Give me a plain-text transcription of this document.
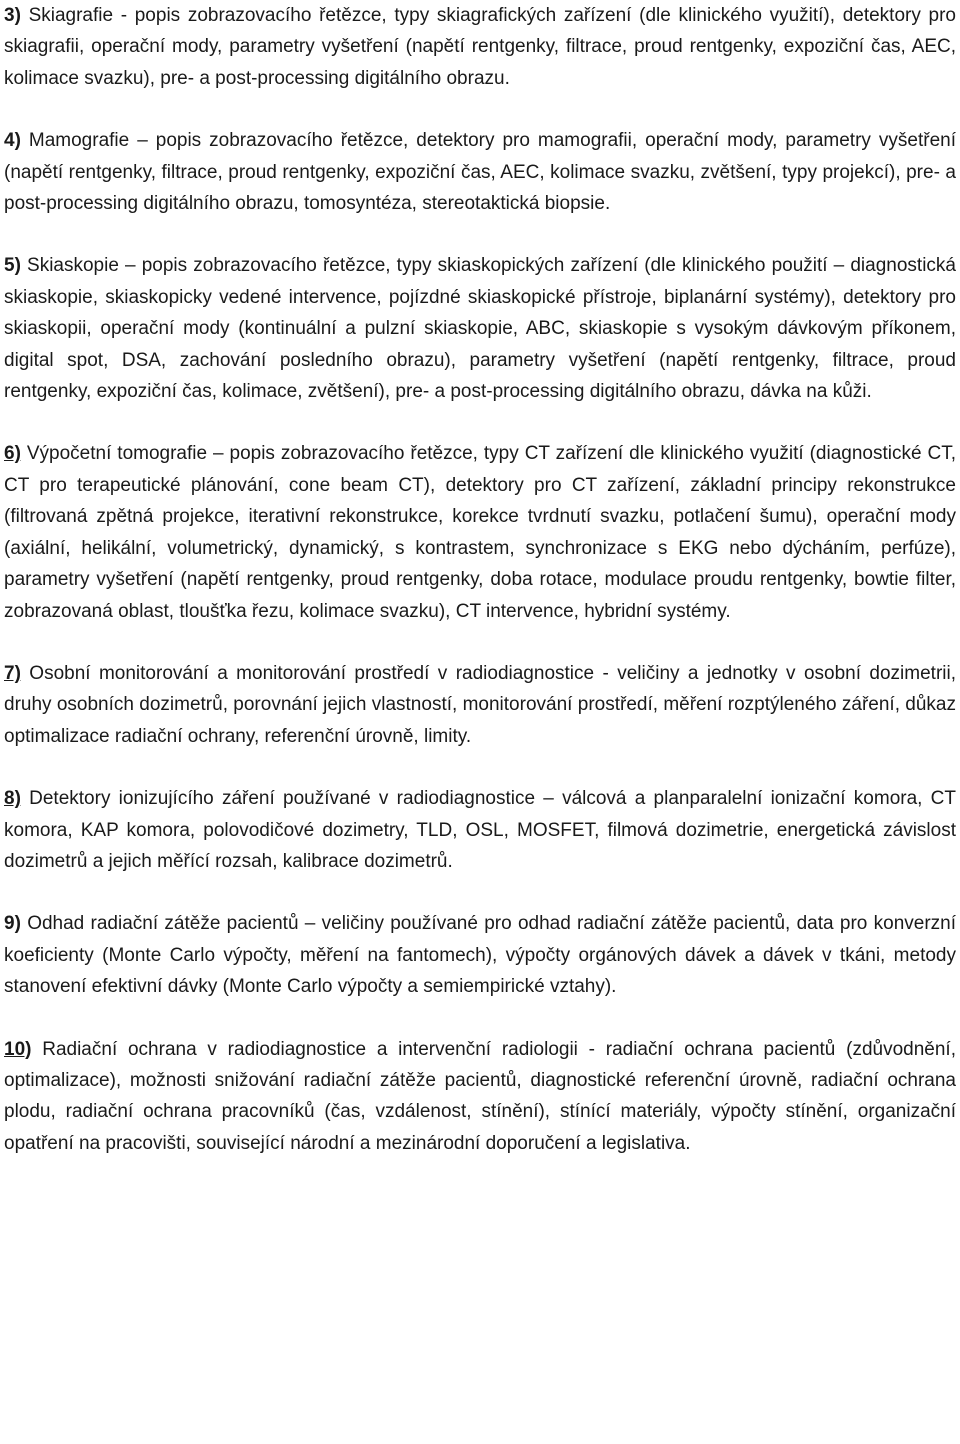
3) Skiagrafie - popis zobrazovacího řetězce, typy skiagrafických zařízení (dle klinického využití), detektory pro skiagrafii, operační mody, parametry vyšetření (napětí rentgenky, filtrace, proud rentgenky, expoziční čas, AEC, kolimace svazku), pre- a post-processing digitálního obrazu.

4) Mamografie – popis zobrazovacího řetězce, detektory pro mamografii, operační mody, parametry vyšetření (napětí rentgenky, filtrace, proud rentgenky, expoziční čas, AEC, kolimace svazku, zvětšení, typy projekcí), pre- a post-processing digitálního obrazu, tomosyntéza, stereotaktická biopsie.

5) Skiaskopie – popis zobrazovacího řetězce, typy skiaskopických zařízení (dle klinického použití – diagnostická skiaskopie, skiaskopicky vedené intervence, pojízdné skiaskopické přístroje, biplanární systémy), detektory pro skiaskopii, operační mody (kontinuální a pulzní skiaskopie, ABC, skiaskopie s vysokým dávkovým příkonem, digital spot, DSA, zachování posledního obrazu), parametry vyšetření (napětí rentgenky, filtrace, proud rentgenky, expoziční čas, kolimace, zvětšení), pre- a post-processing digitálního obrazu, dávka na kůži.

6) Výpočetní tomografie – popis zobrazovacího řetězce, typy CT zařízení dle klinického využití (diagnostické CT, CT pro terapeutické plánování, cone beam CT), detektory pro CT zařízení, základní principy rekonstrukce (filtrovaná zpětná projekce, iterativní rekonstrukce, korekce tvrdnutí svazku, potlačení šumu), operační mody (axiální, helikální, volumetrický, dynamický, s kontrastem, synchronizace s EKG nebo dýcháním, perfúze), parametry vyšetření (napětí rentgenky, proud rentgenky, doba rotace, modulace proudu rentgenky, bowtie filter, zobrazovaná oblast, tloušťka řezu, kolimace svazku), CT intervence, hybridní systémy.

7) Osobní monitorování a monitorování prostředí v radiodiagnostice - veličiny a jednotky v osobní dozimetrii, druhy osobních dozimetrů, porovnání jejich vlastností, monitorování prostředí, měření rozptýleného záření, důkaz optimalizace radiační ochrany, referenční úrovně, limity.

8) Detektory ionizujícího záření používané v radiodiagnostice – válcová a planparalelní ionizační komora, CT komora, KAP komora, polovodičové dozimetry, TLD, OSL, MOSFET, filmová dozimetrie, energetická závislost dozimetrů a jejich měřící rozsah, kalibrace dozimetrů.

9) Odhad radiační zátěže pacientů – veličiny používané pro odhad radiační zátěže pacientů, data pro konverzní koeficienty (Monte Carlo výpočty, měření na fantomech), výpočty orgánových dávek a dávek v tkáni, metody stanovení efektivní dávky (Monte Carlo výpočty a semiempirické vztahy).

10) Radiační ochrana v radiodiagnostice a intervenční radiologii - radiační ochrana pacientů (zdůvodnění, optimalizace), možnosti snižování radiační zátěže pacientů, diagnostické referenční úrovně, radiační ochrana plodu, radiační ochrana pracovníků (čas, vzdálenost, stínění), stínící materiály, výpočty stínění, organizační opatření na pracovišti, související národní a mezinárodní doporučení a legislativa.
